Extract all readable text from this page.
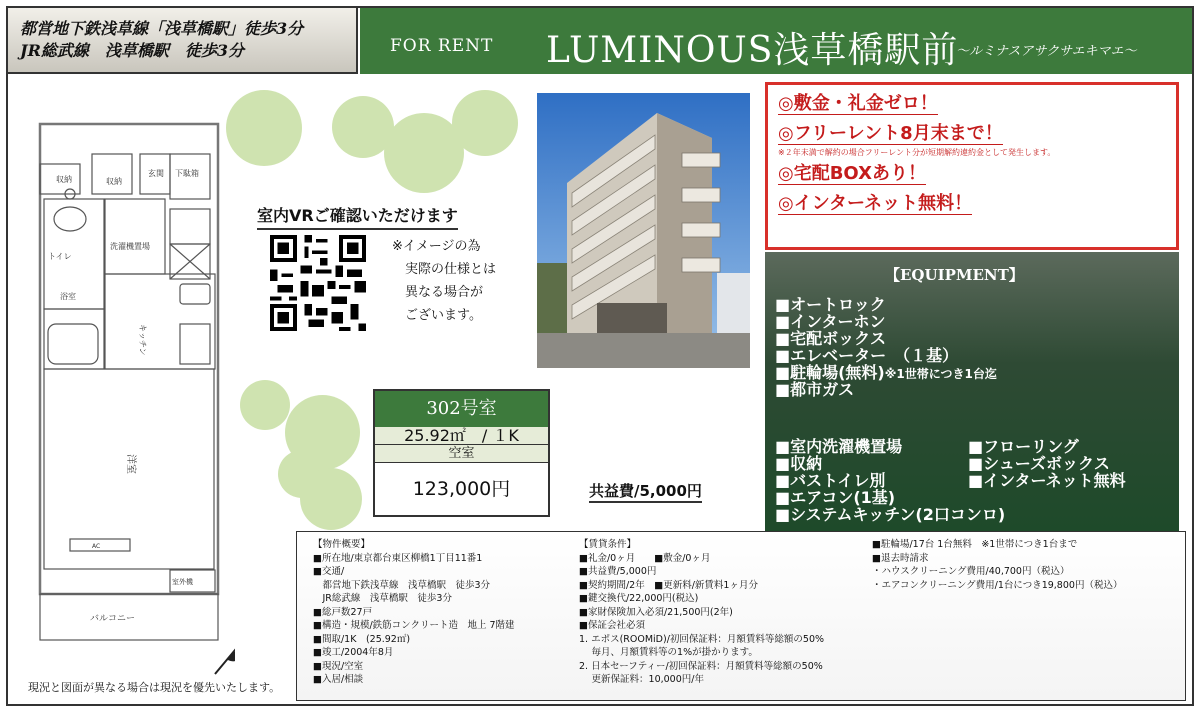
都営地下鉄浅草線「浅草橋駅」徒歩3分
JR総武線　浅草橋駅　徒歩3分	FOR RENT LUMINOUS浅草橋駅前
～ルミナスアサクサエキマエ～
収納	収納
玄関 下駄箱
トイレ
洗濯機置場
浴室
キッチン
洋室
AC
室外機
バルコニー
現況と図面が異なる場合は現況を優先いたします。
室内VRご確認いただけます
※イメージの為
　実際の仕様とは
　異なる場合が
　ございます。
◎敷金・礼金ゼロ！
◎フリーレント8月末まで！
※２年未満で解約の場合フリーレント分が短期解約違約金として発生します。
◎宅配BOXあり！
◎インターネット無料！
【EQUIPMENT】
■オートロック
■インターホン
■宅配ボックス
■エレベーター　（１基）
■駐輪場(無料)※1世帯につき1台迄
■都市ガス
■室内洗濯機置場
■収納
■バストイレ別
■エアコン(1基)
■システムキッチン(2口コンロ)
■フローリング
■シューズボックス
■インターネット無料
302号室
25.92㎡　/ １K
空室
123,000円	共益費/5,000円
【物件概要】
■所在地/東京都台東区柳橋1丁目11番1
■交通/
　都営地下鉄浅草線　浅草橋駅　徒歩3分
　JR総武線　浅草橋駅　徒歩3分
■総戸数27戸
■構造・規模/鉄筋コンクリート造　地上 7階建
■間取/1K　(25.92㎡)
■竣工/2004年8月
■現況/空室
■入居/相談
【賃貸条件】
■礼金/0ヶ月　　■敷金/0ヶ月
■共益費/5,000円
■契約期間/2年　■更新料/新賃料1ヶ月分
■鍵交換代/22,000円(税込)
■家財保険加入必須/21,500円(2年)
■保証会社必須
1. エポス(ROOMiD)/初回保証料：月額賃料等総額の50%
　 毎月、月額賃料等の1%が掛かります。
2. 日本セーフティー/初回保証料：月額賃料等総額の50%
　 更新保証料：10,000円/年
■駐輪場/17台 1台無料　※1世帯につき1台まで
■退去時請求
・ハウスクリーニング費用/40,700円（税込）
・エアコンクリーニング費用/1台につき19,800円（税込）
